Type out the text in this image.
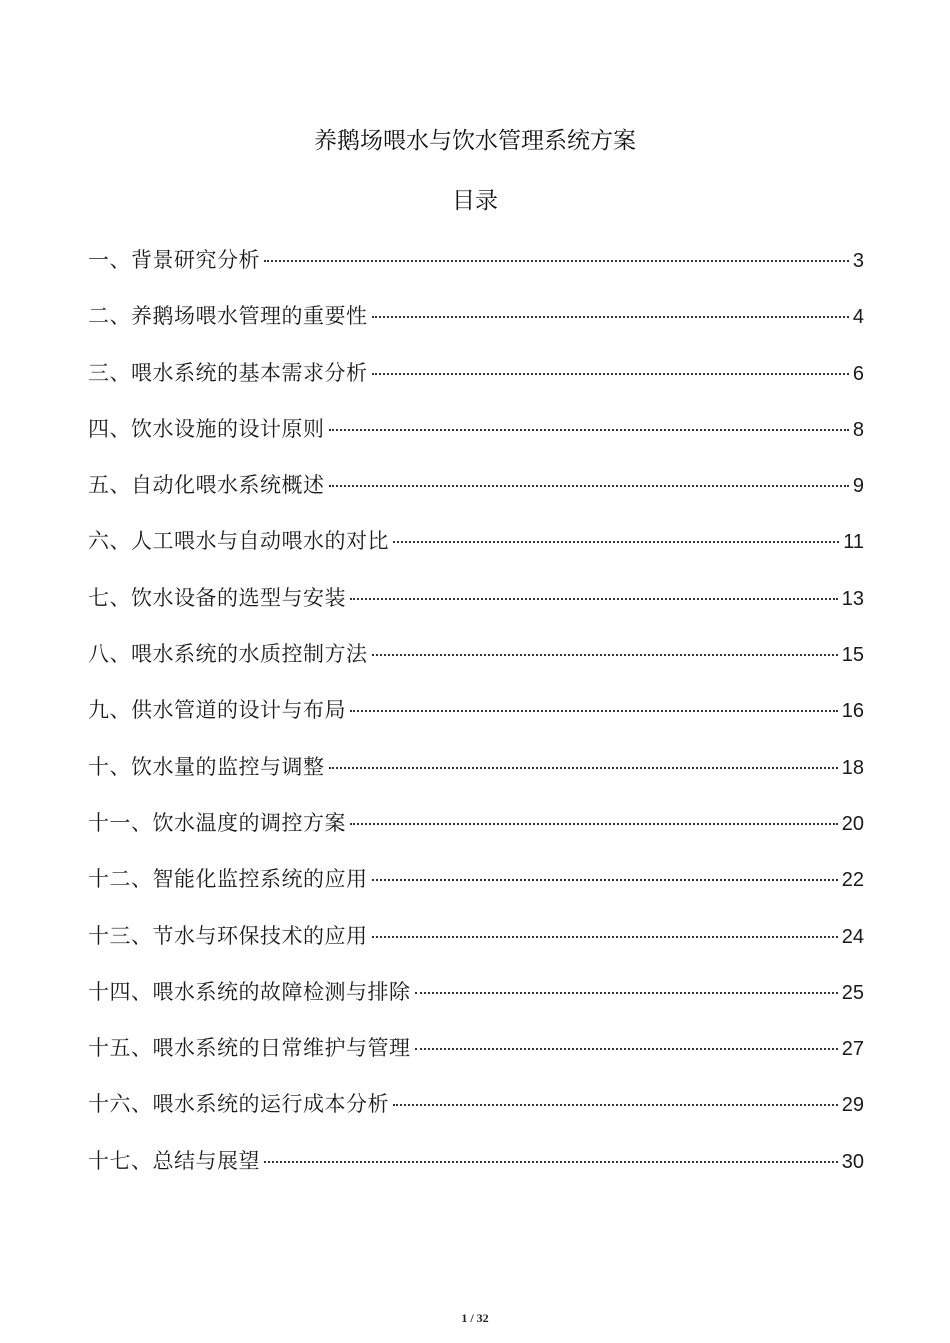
养鹅场喂水与饮水管理系统方案
目录
一、背景研究分析	3
二、养鹅场喂水管理的重要性	4
三、喂水系统的基本需求分析	6
四、饮水设施的设计原则	8
五、自动化喂水系统概述	9
六、人工喂水与自动喂水的对比	11
七、饮水设备的选型与安装	13
八、喂水系统的水质控制方法	15
九、供水管道的设计与布局	16
十、饮水量的监控与调整	18
十一、饮水温度的调控方案	20
十二、智能化监控系统的应用	22
十三、节水与环保技术的应用	24
十四、喂水系统的故障检测与排除	25
十五、喂水系统的日常维护与管理	27
十六、喂水系统的运行成本分析	29
十七、总结与展望	30
1 / 32
